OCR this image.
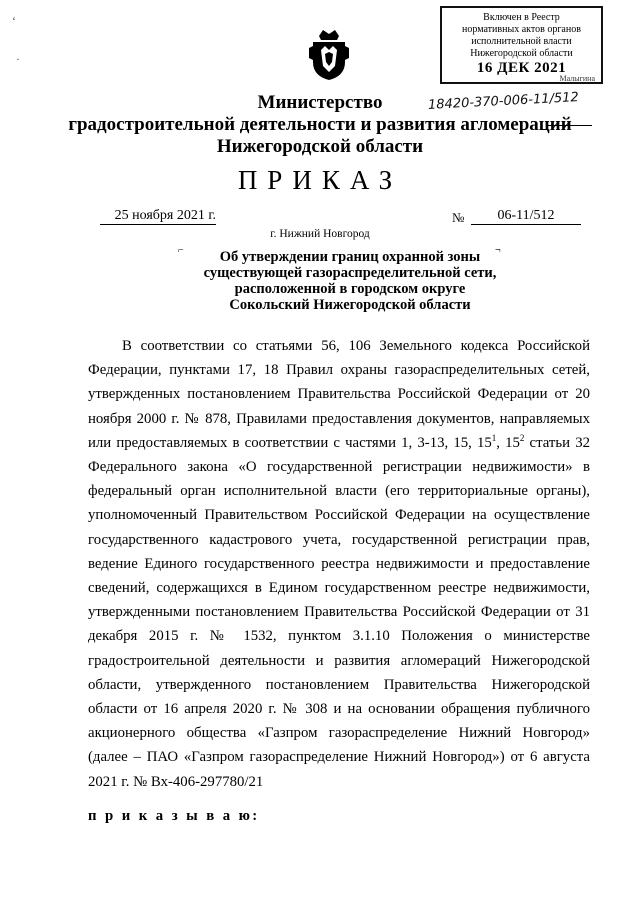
‘
·
Включен в Реестр
нормативных актов органов
исполнительной власти
Нижегородской области
16 ДЕК 2021
Малыгина
18420-370-006-11/512
Министерство
градостроительной деятельности и развития агломераций
Нижегородской области
ПРИКАЗ
25 ноября 2021 г.	№	06-11/512
г. Нижний Новгород
⌐	¬
Об утверждении границ охранной зоны
существующей газораспределительной сети,
расположенной в городском округе
Сокольский Нижегородской области

В соответствии со статьями 56, 106 Земельного кодекса Российской Федерации, пунктами 17, 18 Правил охраны газораспределительных сетей, утвержденных постановлением Правительства Российской Федерации от 20 ноября 2000 г. № 878, Правилами предоставления документов, направляемых или предоставляемых в соответствии с частями 1, 3-13, 15, $15^1$, $15^2$ статьи 32 Федерального закона «О государственной регистрации недвижимости» в федеральный орган исполнительной власти (его территориальные органы), уполномоченный Правительством Российской Федерации на осуществление государственного кадастрового учета, государственной регистрации прав, ведение Единого государственного реестра недвижимости и предоставление сведений, содержащихся в Едином государственном реестре недвижимости, утвержденными постановлением Правительства Российской Федерации от 31 декабря 2015 г. № 1532, пунктом 3.1.10 Положения о министерстве градостроительной деятельности и развития агломераций Нижегородской области, утвержденного постановлением Правительства Нижегородской области от 16 апреля 2020 г. № 308 и на основании обращения публичного акционерного общества «Газпром газораспределение Нижний Новгород» (далее – ПАО «Газпром газораспределение Нижний Новгород») от 6 августа 2021 г. № Вх-406-297780/21

п р и к а з ы в а ю:
